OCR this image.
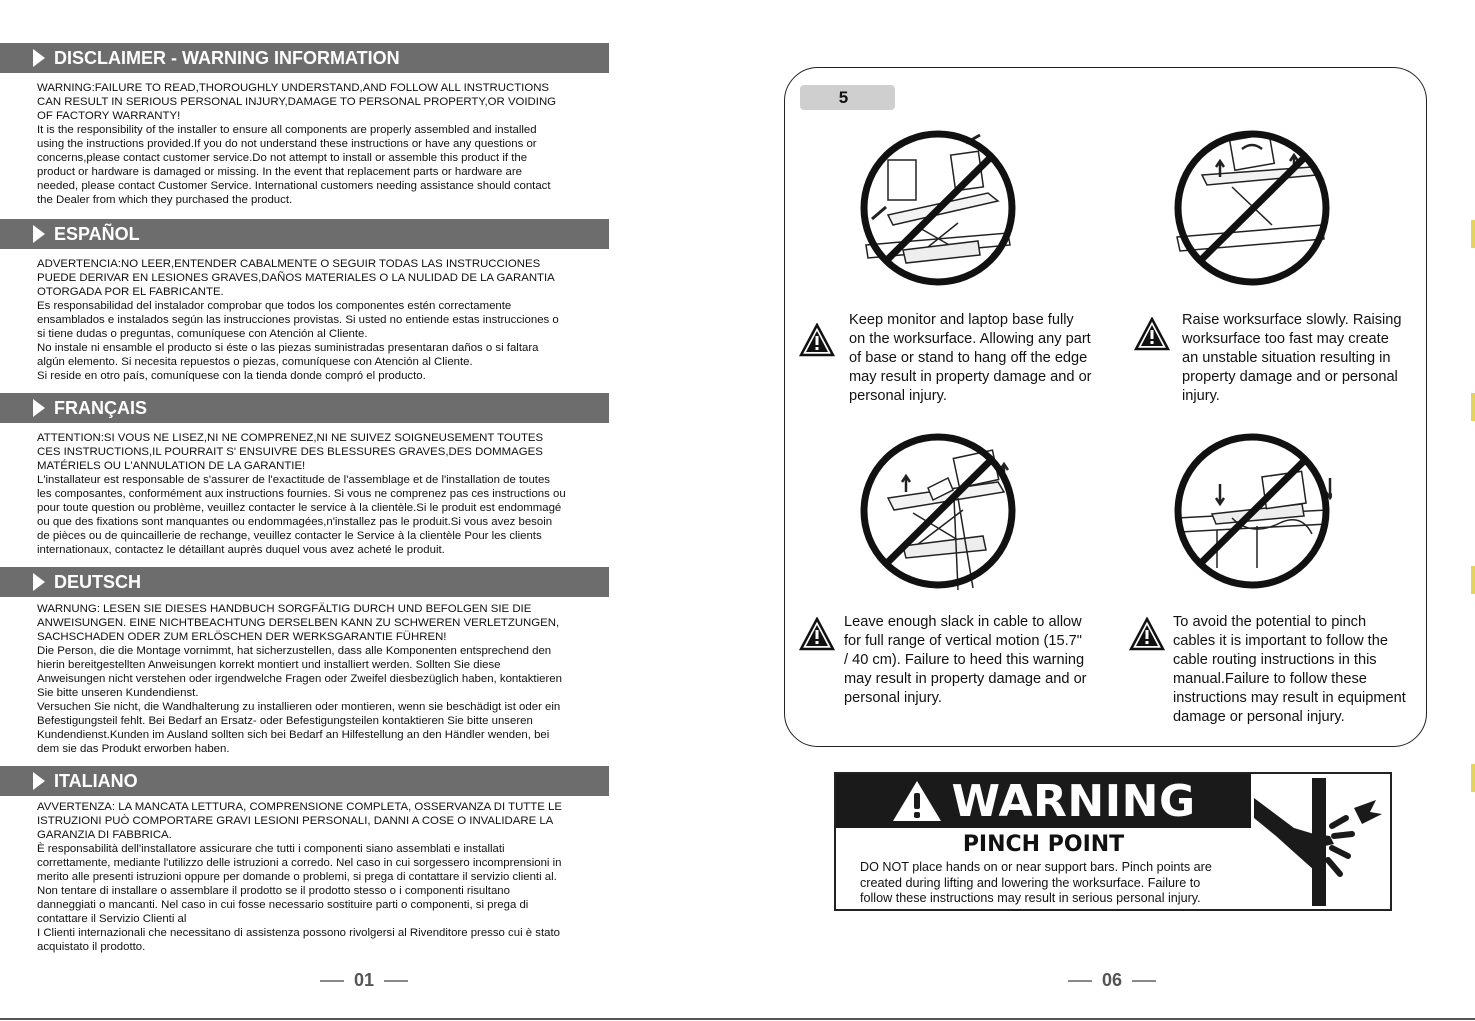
DISCLAIMER - WARNING INFORMATION

WARNING:FAILURE TO READ,THOROUGHLY UNDERSTAND,AND FOLLOW ALL INSTRUCTIONS
CAN RESULT IN SERIOUS PERSONAL INJURY,DAMAGE TO PERSONAL PROPERTY,OR VOIDING
OF FACTORY WARRANTY!
It is the responsibility of the installer to ensure all components are properly assembled and installed
using the instructions provided.If you do not understand these instructions or have any questions or
concerns,please contact customer service.Do not attempt to install or assemble this product if the
product or hardware is damaged or missing. In the event that replacement parts or hardware are
needed, please contact Customer Service. International customers needing assistance should contact
the Dealer from which they purchased the product.

ESPAÑOL

ADVERTENCIA:NO LEER,ENTENDER CABALMENTE O SEGUIR TODAS LAS INSTRUCCIONES
PUEDE DERIVAR EN LESIONES GRAVES,DAÑOS MATERIALES O LA NULIDAD DE LA GARANTIA
OTORGADA POR EL FABRICANTE.
Es responsabilidad del instalador comprobar que todos los componentes estén correctamente
ensamblados e instalados según las instrucciones provistas. Si usted no entiende estas instrucciones o
si tiene dudas o preguntas, comuníquese con Atención al Cliente.
No instale ni ensamble el producto si éste o las piezas suministradas presentaran daños o si faltara
algún elemento. Si necesita repuestos o piezas, comuníquese con Atención al Cliente.
Si reside en otro país, comuníquese con la tienda donde compró el producto.

FRANÇAIS

ATTENTION:SI VOUS NE LISEZ,NI NE COMPRENEZ,NI NE SUIVEZ SOIGNEUSEMENT TOUTES
CES INSTRUCTIONS,IL POURRAIT S' ENSUIVRE DES BLESSURES GRAVES,DES DOMMAGES
MATÉRIELS OU L'ANNULATION DE LA GARANTIE!
L'installateur est responsable de s'assurer de l'exactitude de l'assemblage et de l'installation de toutes
les composantes, conformément aux instructions fournies. Si vous ne comprenez pas ces instructions ou
pour toute question ou problème, veuillez contacter le service à la clientèle.Si le produit est endommagé
ou que des fixations sont manquantes ou endommagées,n'installez pas le produit.Si vous avez besoin
de pièces ou de quincaillerie de rechange, veuillez contacter le Service à la clientèle Pour les clients
internationaux, contactez le détaillant auprès duquel vous avez acheté le produit.

DEUTSCH

WARNUNG: LESEN SIE DIESES HANDBUCH SORGFÄLTIG DURCH UND BEFOLGEN SIE DIE
ANWEISUNGEN. EINE NICHTBEACHTUNG DERSELBEN KANN ZU SCHWEREN VERLETZUNGEN,
SACHSCHADEN ODER ZUM ERLÖSCHEN DER WERKSGARANTIE FÜHREN!
Die Person, die die Montage vornimmt, hat sicherzustellen, dass alle Komponenten entsprechend den
hierin bereitgestellten Anweisungen korrekt montiert und installiert werden. Sollten Sie diese
Anweisungen nicht verstehen oder irgendwelche Fragen oder Zweifel diesbezüglich haben, kontaktieren
Sie bitte unseren Kundendienst.
Versuchen Sie nicht, die Wandhalterung zu installieren oder montieren, wenn sie beschädigt ist oder ein
Befestigungsteil fehlt. Bei Bedarf an Ersatz- oder Befestigungsteilen kontaktieren Sie bitte unseren
Kundendienst.Kunden im Ausland sollten sich bei Bedarf an Hilfestellung an den Händler wenden, bei
dem sie das Produkt erworben haben.

ITALIANO

AVVERTENZA: LA MANCATA LETTURA, COMPRENSIONE COMPLETA, OSSERVANZA DI TUTTE LE
ISTRUZIONI PUÒ COMPORTARE GRAVI LESIONI PERSONALI, DANNI A COSE O INVALIDARE LA
GARANZIA DI FABBRICA.
È responsabilità dell'installatore assicurare che tutti i componenti siano assemblati e installati
correttamente, mediante l'utilizzo delle istruzioni a corredo. Nel caso in cui sorgessero incomprensioni in
merito alle presenti istruzioni oppure per domande o problemi, si prega di contattare il servizio clienti al.
Non tentare di installare o assemblare il prodotto se il prodotto stesso o i componenti risultano
danneggiati o mancanti. Nel caso in cui fosse necessario sostituire parti o componenti, si prega di
contattare il Servizio Clienti al
I Clienti internazionali che necessitano di assistenza possono rivolgersi al Rivenditore presso cui è stato
acquistato il prodotto.

01
5

Keep monitor and laptop base fully
on the worksurface. Allowing any part
of base or stand to hang off the edge
may result in property damage and or
personal injury.

Raise worksurface slowly. Raising
worksurface too fast may create
an unstable situation resulting in
property damage and or personal
injury.

Leave enough slack in cable to allow
for full range of vertical motion (15.7"
/ 40 cm). Failure to heed this warning
may result in property damage and or
personal injury.

To avoid the potential to pinch
cables it is important to follow the
cable routing instructions in this
manual.Failure to follow these
instructions may result in equipment
damage or personal injury.

WARNING
PINCH POINT

DO NOT place hands on or near support bars. Pinch points are
created during lifting and lowering the worksurface. Failure to
follow these instructions may result in serious personal injury.

06
